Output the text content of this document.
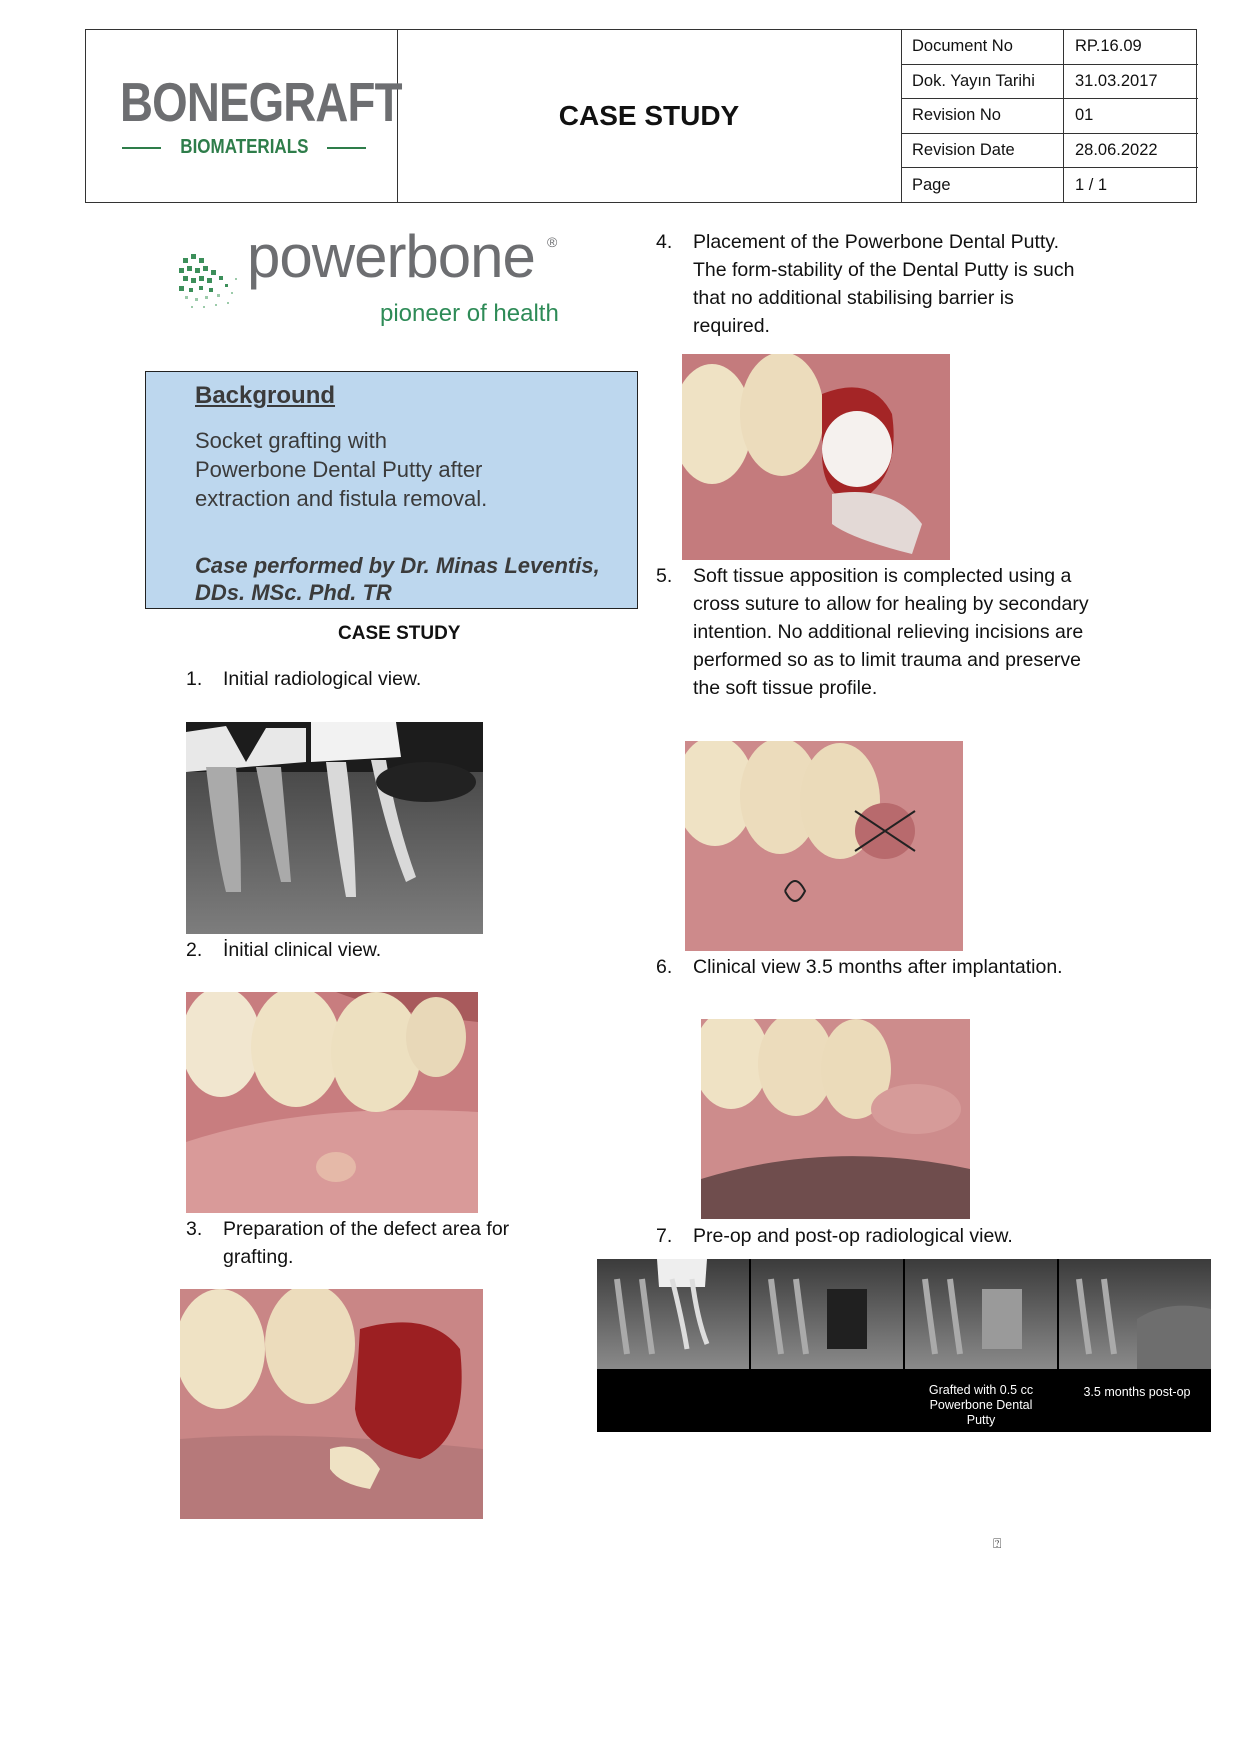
BONEGRAFT
BIOMATERIALS
CASE STUDY
Document No	RP.16.09
Dok. Yayın Tarihi	31.03.2017
Revision No	01
Revision Date	28.06.2022
Page	1 / 1
powerbone ®
pioneer of health
Background
Socket grafting with Powerbone Dental Putty after extraction and fistula removal.
Case performed by Dr. Minas Leventis, DDs. MSc. Phd. TR
CASE STUDY
1. Initial radiological view.
2. İnitial clinical view.
3. Preparation of the defect area for grafting.
4. Placement of the Powerbone Dental Putty. The form-stability of the Dental Putty is such that no additional stabilising barrier is required.
5. Soft tissue apposition is complected using a cross suture to allow for healing by secondary intention. No additional relieving incisions are performed so as to limit trauma and preserve the soft tissue profile.
6. Clinical view 3.5 months after implantation.
7. Pre-op and post-op radiological view.
Grafted with 0.5 cc Powerbone Dental Putty
3.5 months post-op
⍰
